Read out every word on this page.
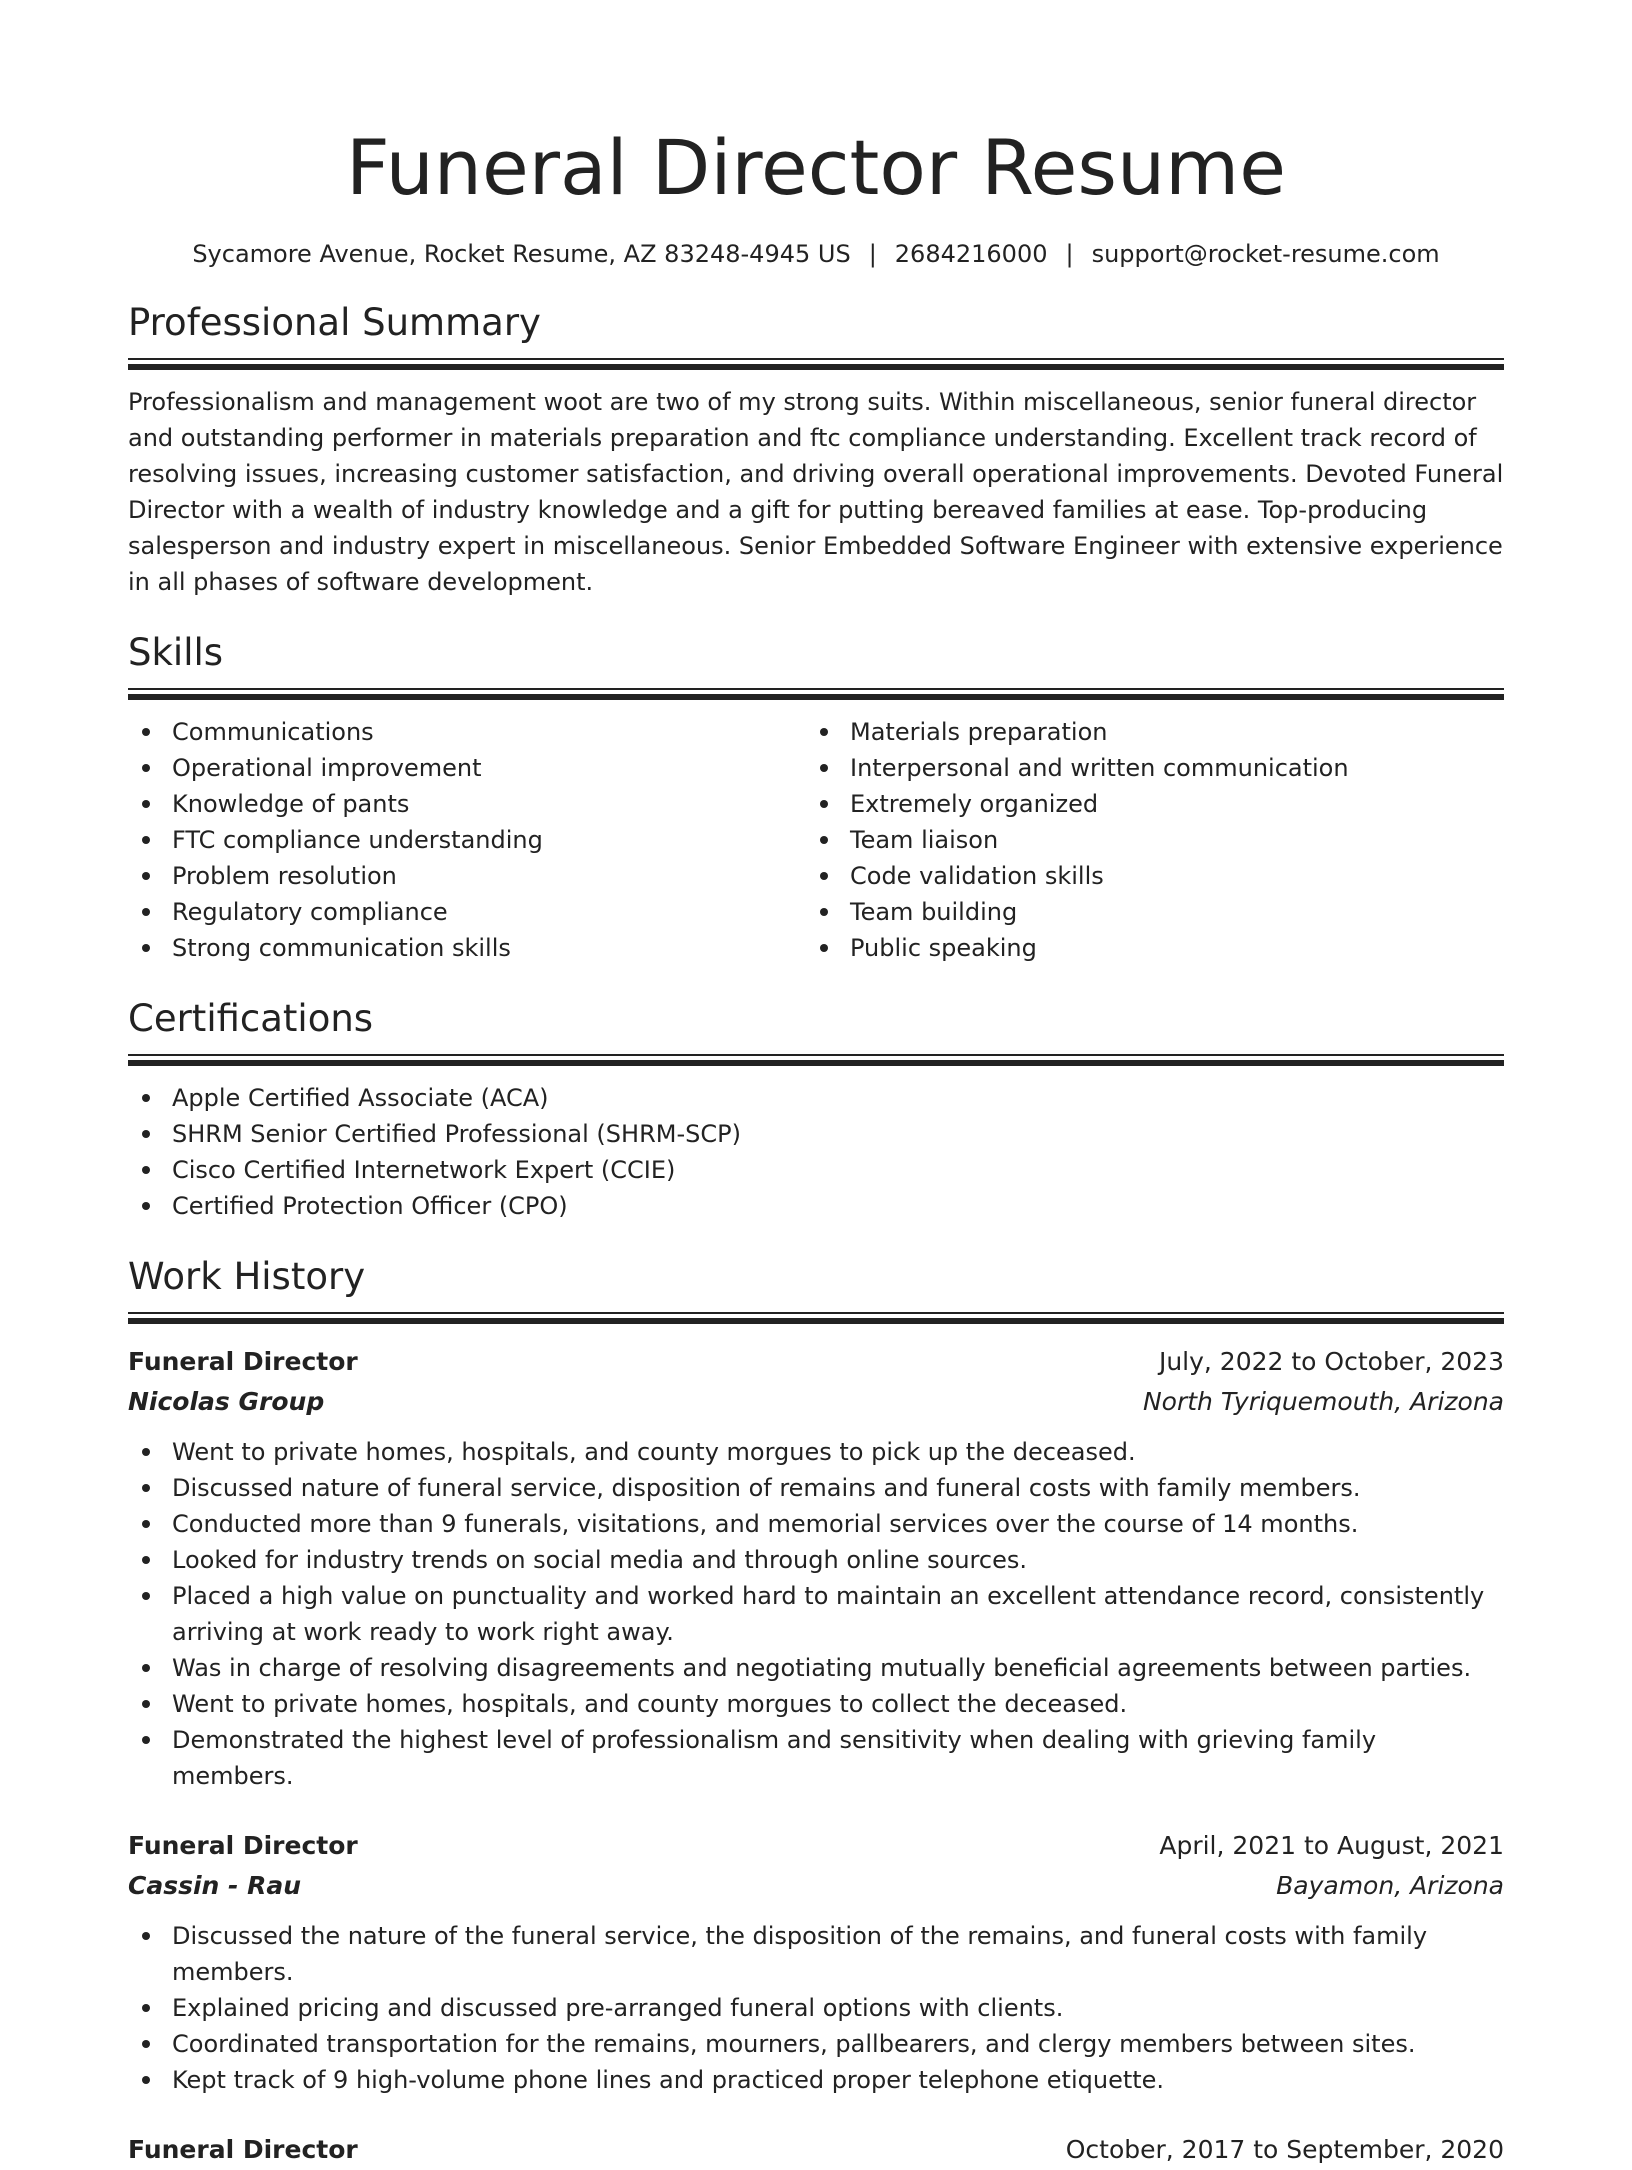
Funeral Director Resume
Sycamore Avenue, Rocket Resume, AZ 83248-4945 US | 2684216000 | support@rocket-resume.com
Professional Summary
Professionalism and management woot are two of my strong suits. Within miscellaneous, senior funeral director and outstanding performer in materials preparation and ftc compliance understanding. Excellent track record of resolving issues, increasing customer satisfaction, and driving overall operational improvements. Devoted Funeral Director with a wealth of industry knowledge and a gift for putting bereaved families at ease. Top-producing salesperson and industry expert in miscellaneous. Senior Embedded Software Engineer with extensive experience in all phases of software development.
Skills
Communications
Operational improvement
Knowledge of pants
FTC compliance understanding
Problem resolution
Regulatory compliance
Strong communication skills
Materials preparation
Interpersonal and written communication
Extremely organized
Team liaison
Code validation skills
Team building
Public speaking
Certifications
Apple Certified Associate (ACA)
SHRM Senior Certified Professional (SHRM-SCP)
Cisco Certified Internetwork Expert (CCIE)
Certified Protection Officer (CPO)
Work History
Funeral Director	July, 2022 to October, 2023
Nicolas Group	North Tyriquemouth, Arizona
Went to private homes, hospitals, and county morgues to pick up the deceased.
Discussed nature of funeral service, disposition of remains and funeral costs with family members.
Conducted more than 9 funerals, visitations, and memorial services over the course of 14 months.
Looked for industry trends on social media and through online sources.
Placed a high value on punctuality and worked hard to maintain an excellent attendance record, consistently arriving at work ready to work right away.
Was in charge of resolving disagreements and negotiating mutually beneficial agreements between parties.
Went to private homes, hospitals, and county morgues to collect the deceased.
Demonstrated the highest level of professionalism and sensitivity when dealing with grieving family members.
Funeral Director	April, 2021 to August, 2021
Cassin - Rau	Bayamon, Arizona
Discussed the nature of the funeral service, the disposition of the remains, and funeral costs with family members.
Explained pricing and discussed pre-arranged funeral options with clients.
Coordinated transportation for the remains, mourners, pallbearers, and clergy members between sites.
Kept track of 9 high-volume phone lines and practiced proper telephone etiquette.
Funeral Director	October, 2017 to September, 2020
